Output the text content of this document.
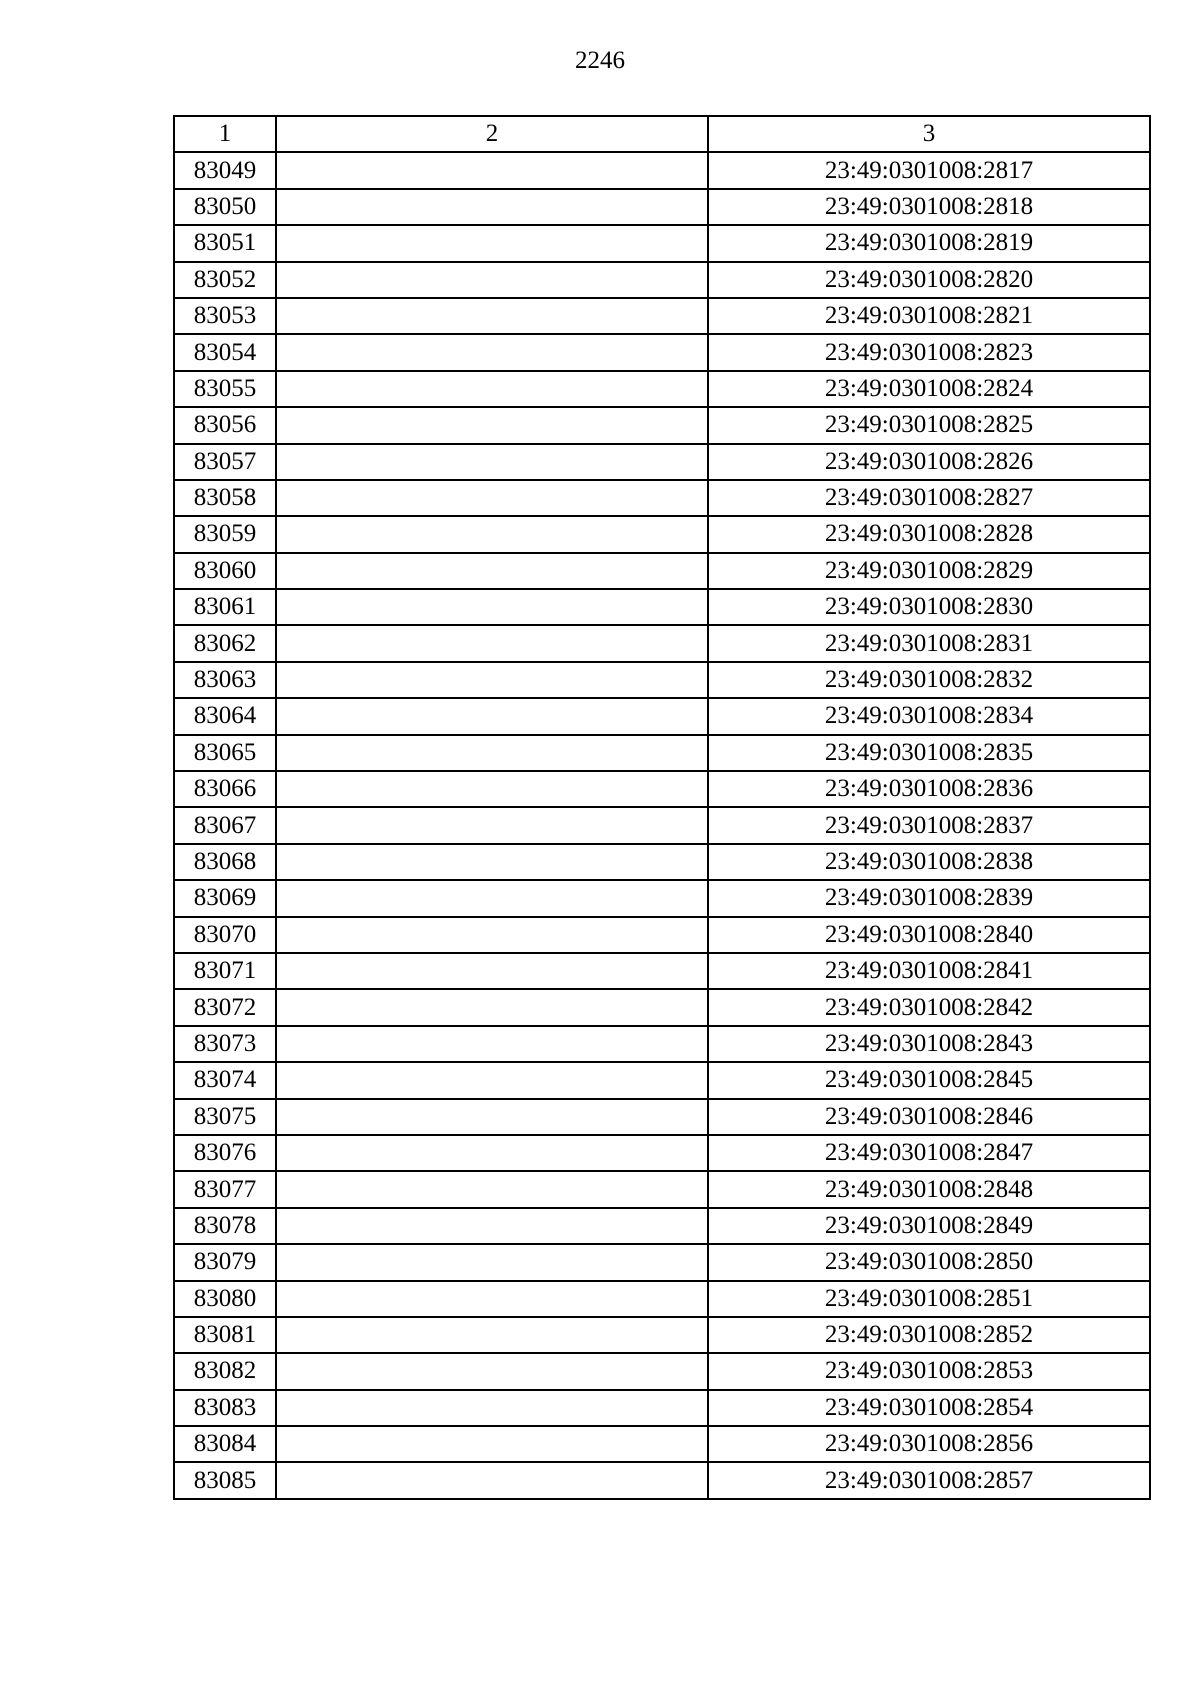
2246
1	2	3
83049		23:49:0301008:2817
83050		23:49:0301008:2818
83051		23:49:0301008:2819
83052		23:49:0301008:2820
83053		23:49:0301008:2821
83054		23:49:0301008:2823
83055		23:49:0301008:2824
83056		23:49:0301008:2825
83057		23:49:0301008:2826
83058		23:49:0301008:2827
83059		23:49:0301008:2828
83060		23:49:0301008:2829
83061		23:49:0301008:2830
83062		23:49:0301008:2831
83063		23:49:0301008:2832
83064		23:49:0301008:2834
83065		23:49:0301008:2835
83066		23:49:0301008:2836
83067		23:49:0301008:2837
83068		23:49:0301008:2838
83069		23:49:0301008:2839
83070		23:49:0301008:2840
83071		23:49:0301008:2841
83072		23:49:0301008:2842
83073		23:49:0301008:2843
83074		23:49:0301008:2845
83075		23:49:0301008:2846
83076		23:49:0301008:2847
83077		23:49:0301008:2848
83078		23:49:0301008:2849
83079		23:49:0301008:2850
83080		23:49:0301008:2851
83081		23:49:0301008:2852
83082		23:49:0301008:2853
83083		23:49:0301008:2854
83084		23:49:0301008:2856
83085		23:49:0301008:2857
